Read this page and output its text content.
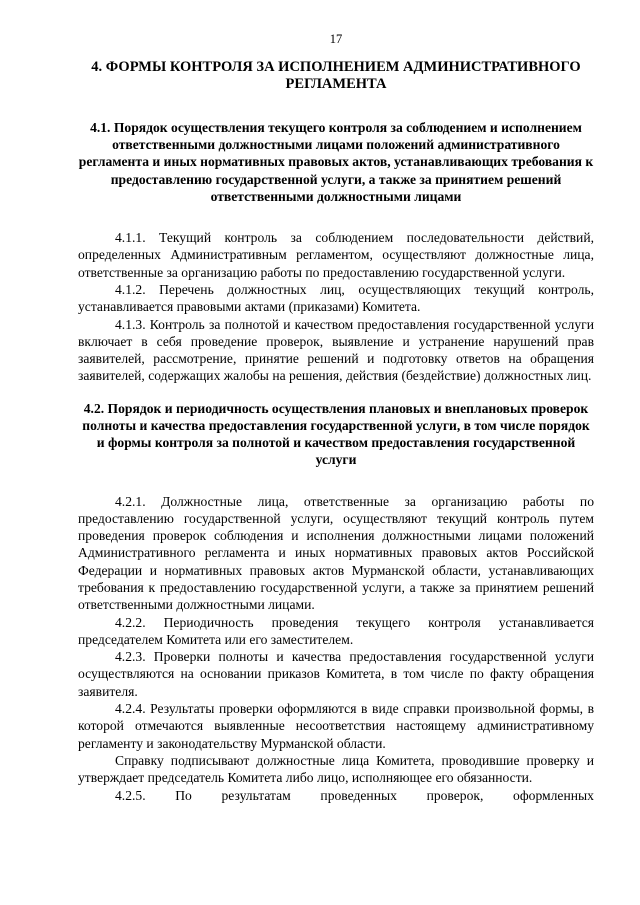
17
4. ФОРМЫ КОНТРОЛЯ ЗА ИСПОЛНЕНИЕМ АДМИНИСТРАТИВНОГО РЕГЛАМЕНТА
4.1. Порядок осуществления текущего контроля за соблюдением и исполнением ответственными должностными лицами положений административного регламента и иных нормативных правовых актов, устанавливающих требования к предоставлению государственной услуги, а также за принятием решений ответственными должностными лицами

4.1.1. Текущий контроль за соблюдением последовательности действий, определенных Административным регламентом, осуществляют должностные лица, ответственные за организацию работы по предоставлению государственной услуги.

4.1.2. Перечень должностных лиц, осуществляющих текущий контроль, устанавливается правовыми актами (приказами) Комитета.

4.1.3. Контроль за полнотой и качеством предоставления государственной услуги включает в себя проведение проверок, выявление и устранение нарушений прав заявителей, рассмотрение, принятие решений и подготовку ответов на обращения заявителей, содержащих жалобы на решения, действия (бездействие) должностных лиц.

4.2. Порядок и периодичность осуществления плановых и внеплановых проверок полноты и качества предоставления государственной услуги, в том числе порядок и формы контроля за полнотой и качеством предоставления государственной услуги

4.2.1. Должностные лица, ответственные за организацию работы по предоставлению государственной услуги, осуществляют текущий контроль путем проведения проверок соблюдения и исполнения должностными лицами положений Административного регламента и иных нормативных правовых актов Российской Федерации и нормативных правовых актов Мурманской области, устанавливающих требования к предоставлению государственной услуги, а также за принятием решений ответственными должностными лицами.

4.2.2. Периодичность проведения текущего контроля устанавливается председателем Комитета или его заместителем.

4.2.3. Проверки полноты и качества предоставления государственной услуги осуществляются на основании приказов Комитета, в том числе по факту обращения заявителя.

4.2.4. Результаты проверки оформляются в виде справки произвольной формы, в которой отмечаются выявленные несоответствия настоящему административному регламенту и законодательству Мурманской области.

Справку подписывают должностные лица Комитета, проводившие проверку и утверждает председатель Комитета либо лицо, исполняющее его обязанности.

4.2.5. По результатам проведенных проверок, оформленных
